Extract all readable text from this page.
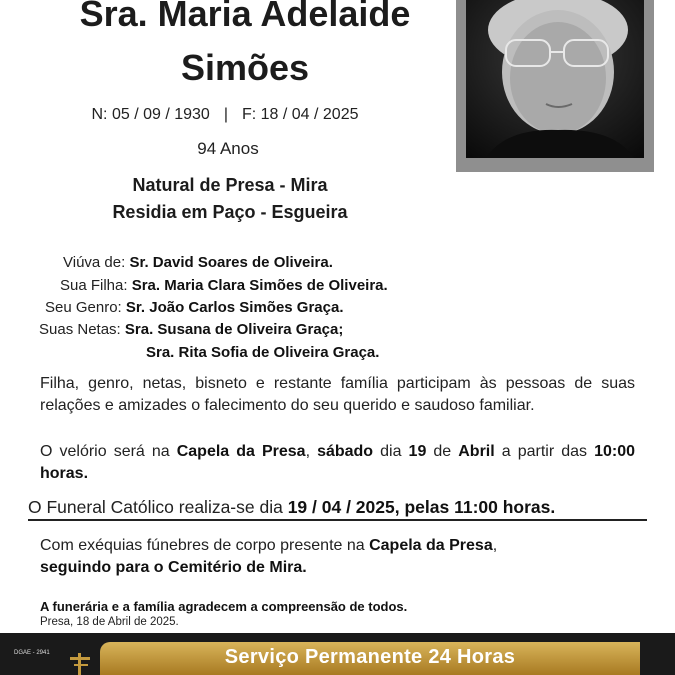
Sra. Maria Adelaide
Simões
N: 05 / 09 / 1930 | F: 18 / 04 / 2025
94 Anos
Natural de Presa - Mira
Residia em Paço - Esgueira
Viúva de: Sr. David Soares de Oliveira.
Sua Filha: Sra. Maria Clara Simões de Oliveira.
Seu Genro: Sr. João Carlos Simões Graça.
Suas Netas: Sra. Susana de Oliveira Graça;
Sra. Rita Sofia de Oliveira Graça.
Filha, genro, netas, bisneto e restante família participam às pessoas de suas relações e amizades o falecimento do seu querido e saudoso familiar.
O velório será na Capela da Presa, sábado dia 19 de Abril a partir das 10:00 horas.
O Funeral Católico realiza-se dia 19 / 04 / 2025, pelas 11:00 horas.
Com exéquias fúnebres de corpo presente na Capela da Presa,
seguindo para o Cemitério de Mira.
A funerária e a família agradecem a compreensão de todos.
Presa, 18 de Abril de 2025.
DGAE - 2941	Serviço Permanente 24 Horas
